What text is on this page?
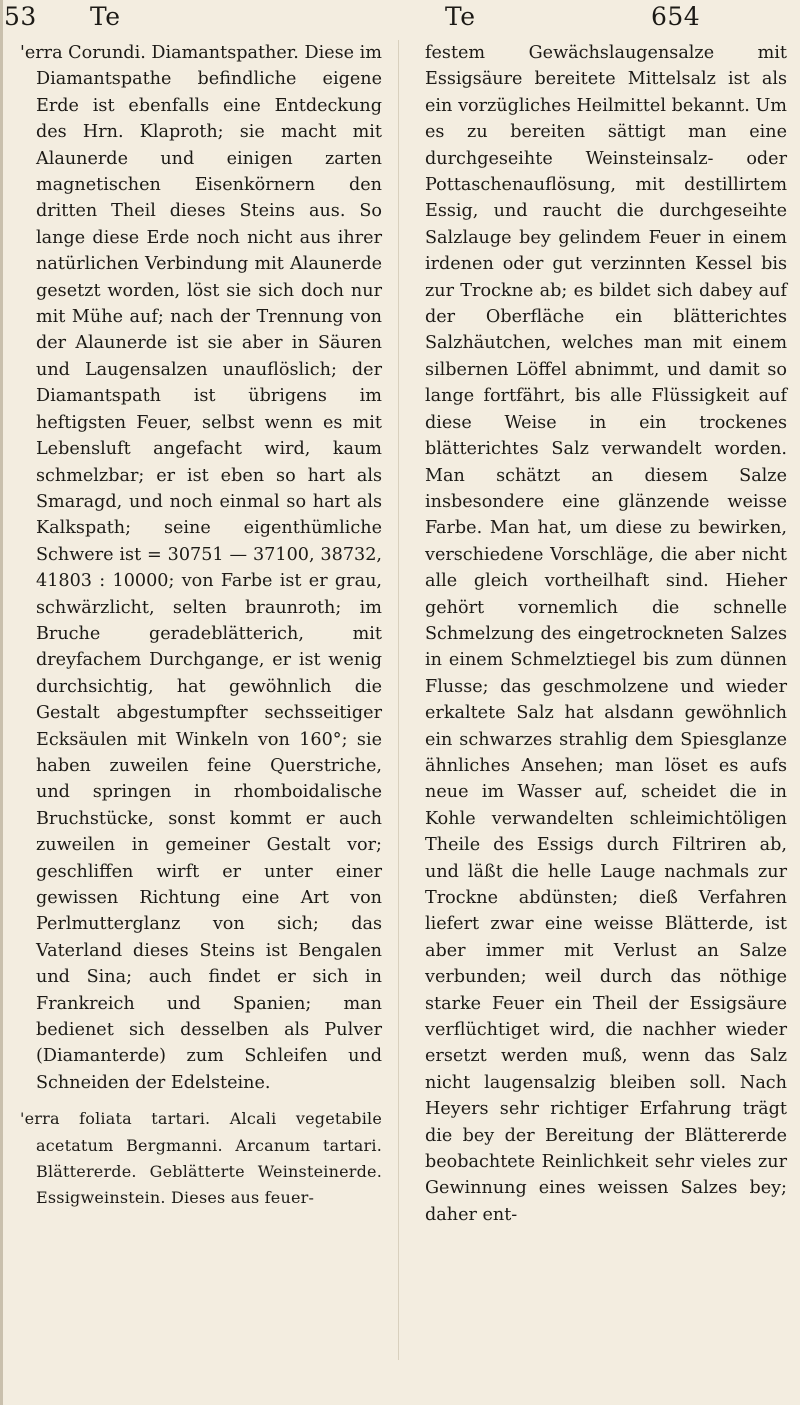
53 Te	Te	654

'erra Corundi. Diamantspather. Diese im Diamantspathe befindliche eigene Erde ist ebenfalls eine Entdeckung des Hrn. Klaproth; sie macht mit Alaunerde und einigen zarten magnetischen Eisenkörnern den dritten Theil dieses Steins aus. So lange diese Erde noch nicht aus ihrer natürlichen Verbindung mit Alaunerde gesetzt worden, löst sie sich doch nur mit Mühe auf; nach der Trennung von der Alaunerde ist sie aber in Säuren und Laugensalzen unauflöslich; der Diamantspath ist übrigens im heftigsten Feuer, selbst wenn es mit Lebensluft angefacht wird, kaum schmelzbar; er ist eben so hart als Smaragd, und noch einmal so hart als Kalkspath; seine eigenthümliche Schwere ist = 30751 — 37100, 38732, 41803 : 10000; von Farbe ist er grau, schwärzlicht, selten braunroth; im Bruche geradeblätterich, mit dreyfachem Durchgange, er ist wenig durchsichtig, hat gewöhnlich die Gestalt abgestumpfter sechsseitiger Ecksäulen mit Winkeln von 160°; sie haben zuweilen feine Querstriche, und springen in rhomboidalische Bruchstücke, sonst kommt er auch zuweilen in gemeiner Gestalt vor; geschliffen wirft er unter einer gewissen Richtung eine Art von Perlmutterglanz von sich; das Vaterland dieses Steins ist Bengalen und Sina; auch findet er sich in Frankreich und Spanien; man bedienet sich desselben als Pulver (Diamanterde) zum Schleifen und Schneiden der Edelsteine.

'erra foliata tartari. Alcali vegetabile acetatum Bergmanni. Arcanum tartari. Blättererde. Geblätterte Weinsteinerde. Essigweinstein. Dieses aus feuer-

festem Gewächslaugensalze mit Essigsäure bereitete Mittelsalz ist als ein vorzügliches Heilmittel bekannt. Um es zu bereiten sättigt man eine durchgeseihte Weinsteinsalz- oder Pottaschenauflösung, mit destillirtem Essig, und raucht die durchgeseihte Salzlauge bey gelindem Feuer in einem irdenen oder gut verzinnten Kessel bis zur Trockne ab; es bildet sich dabey auf der Oberfläche ein blätterichtes Salzhäutchen, welches man mit einem silbernen Löffel abnimmt, und damit so lange fortfährt, bis alle Flüssigkeit auf diese Weise in ein trockenes blätterichtes Salz verwandelt worden. Man schätzt an diesem Salze insbesondere eine glänzende weisse Farbe. Man hat, um diese zu bewirken, verschiedene Vorschläge, die aber nicht alle gleich vortheilhaft sind. Hieher gehört vornemlich die schnelle Schmelzung des eingetrockneten Salzes in einem Schmelztiegel bis zum dünnen Flusse; das geschmolzene und wieder erkaltete Salz hat alsdann gewöhnlich ein schwarzes strahlig dem Spiesglanze ähnliches Ansehen; man löset es aufs neue im Wasser auf, scheidet die in Kohle verwandelten schleimichtöligen Theile des Essigs durch Filtriren ab, und läßt die helle Lauge nachmals zur Trockne abdünsten; dieß Verfahren liefert zwar eine weisse Blätterde, ist aber immer mit Verlust an Salze verbunden; weil durch das nöthige starke Feuer ein Theil der Essigsäure verflüchtiget wird, die nachher wieder ersetzt werden muß, wenn das Salz nicht laugensalzig bleiben soll. Nach Heyers sehr richtiger Erfahrung trägt die bey der Bereitung der Blättererde beobachtete Reinlichkeit sehr vieles zur Gewinnung eines weissen Salzes bey; daher ent-
